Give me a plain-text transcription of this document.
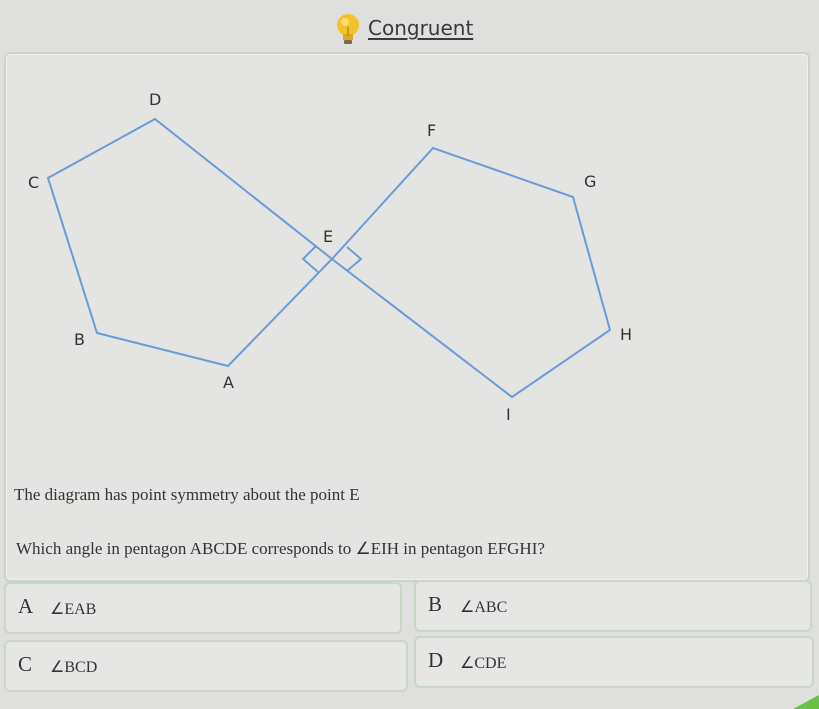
Congruent
A
B
C
D
E
F
G
H
I
The diagram has point symmetry about the point E
Which angle in pentagon ABCDE corresponds to ∠EIH in pentagon EFGHI?
A ∠EAB	B ∠ABC
C ∠BCD	D ∠CDE
